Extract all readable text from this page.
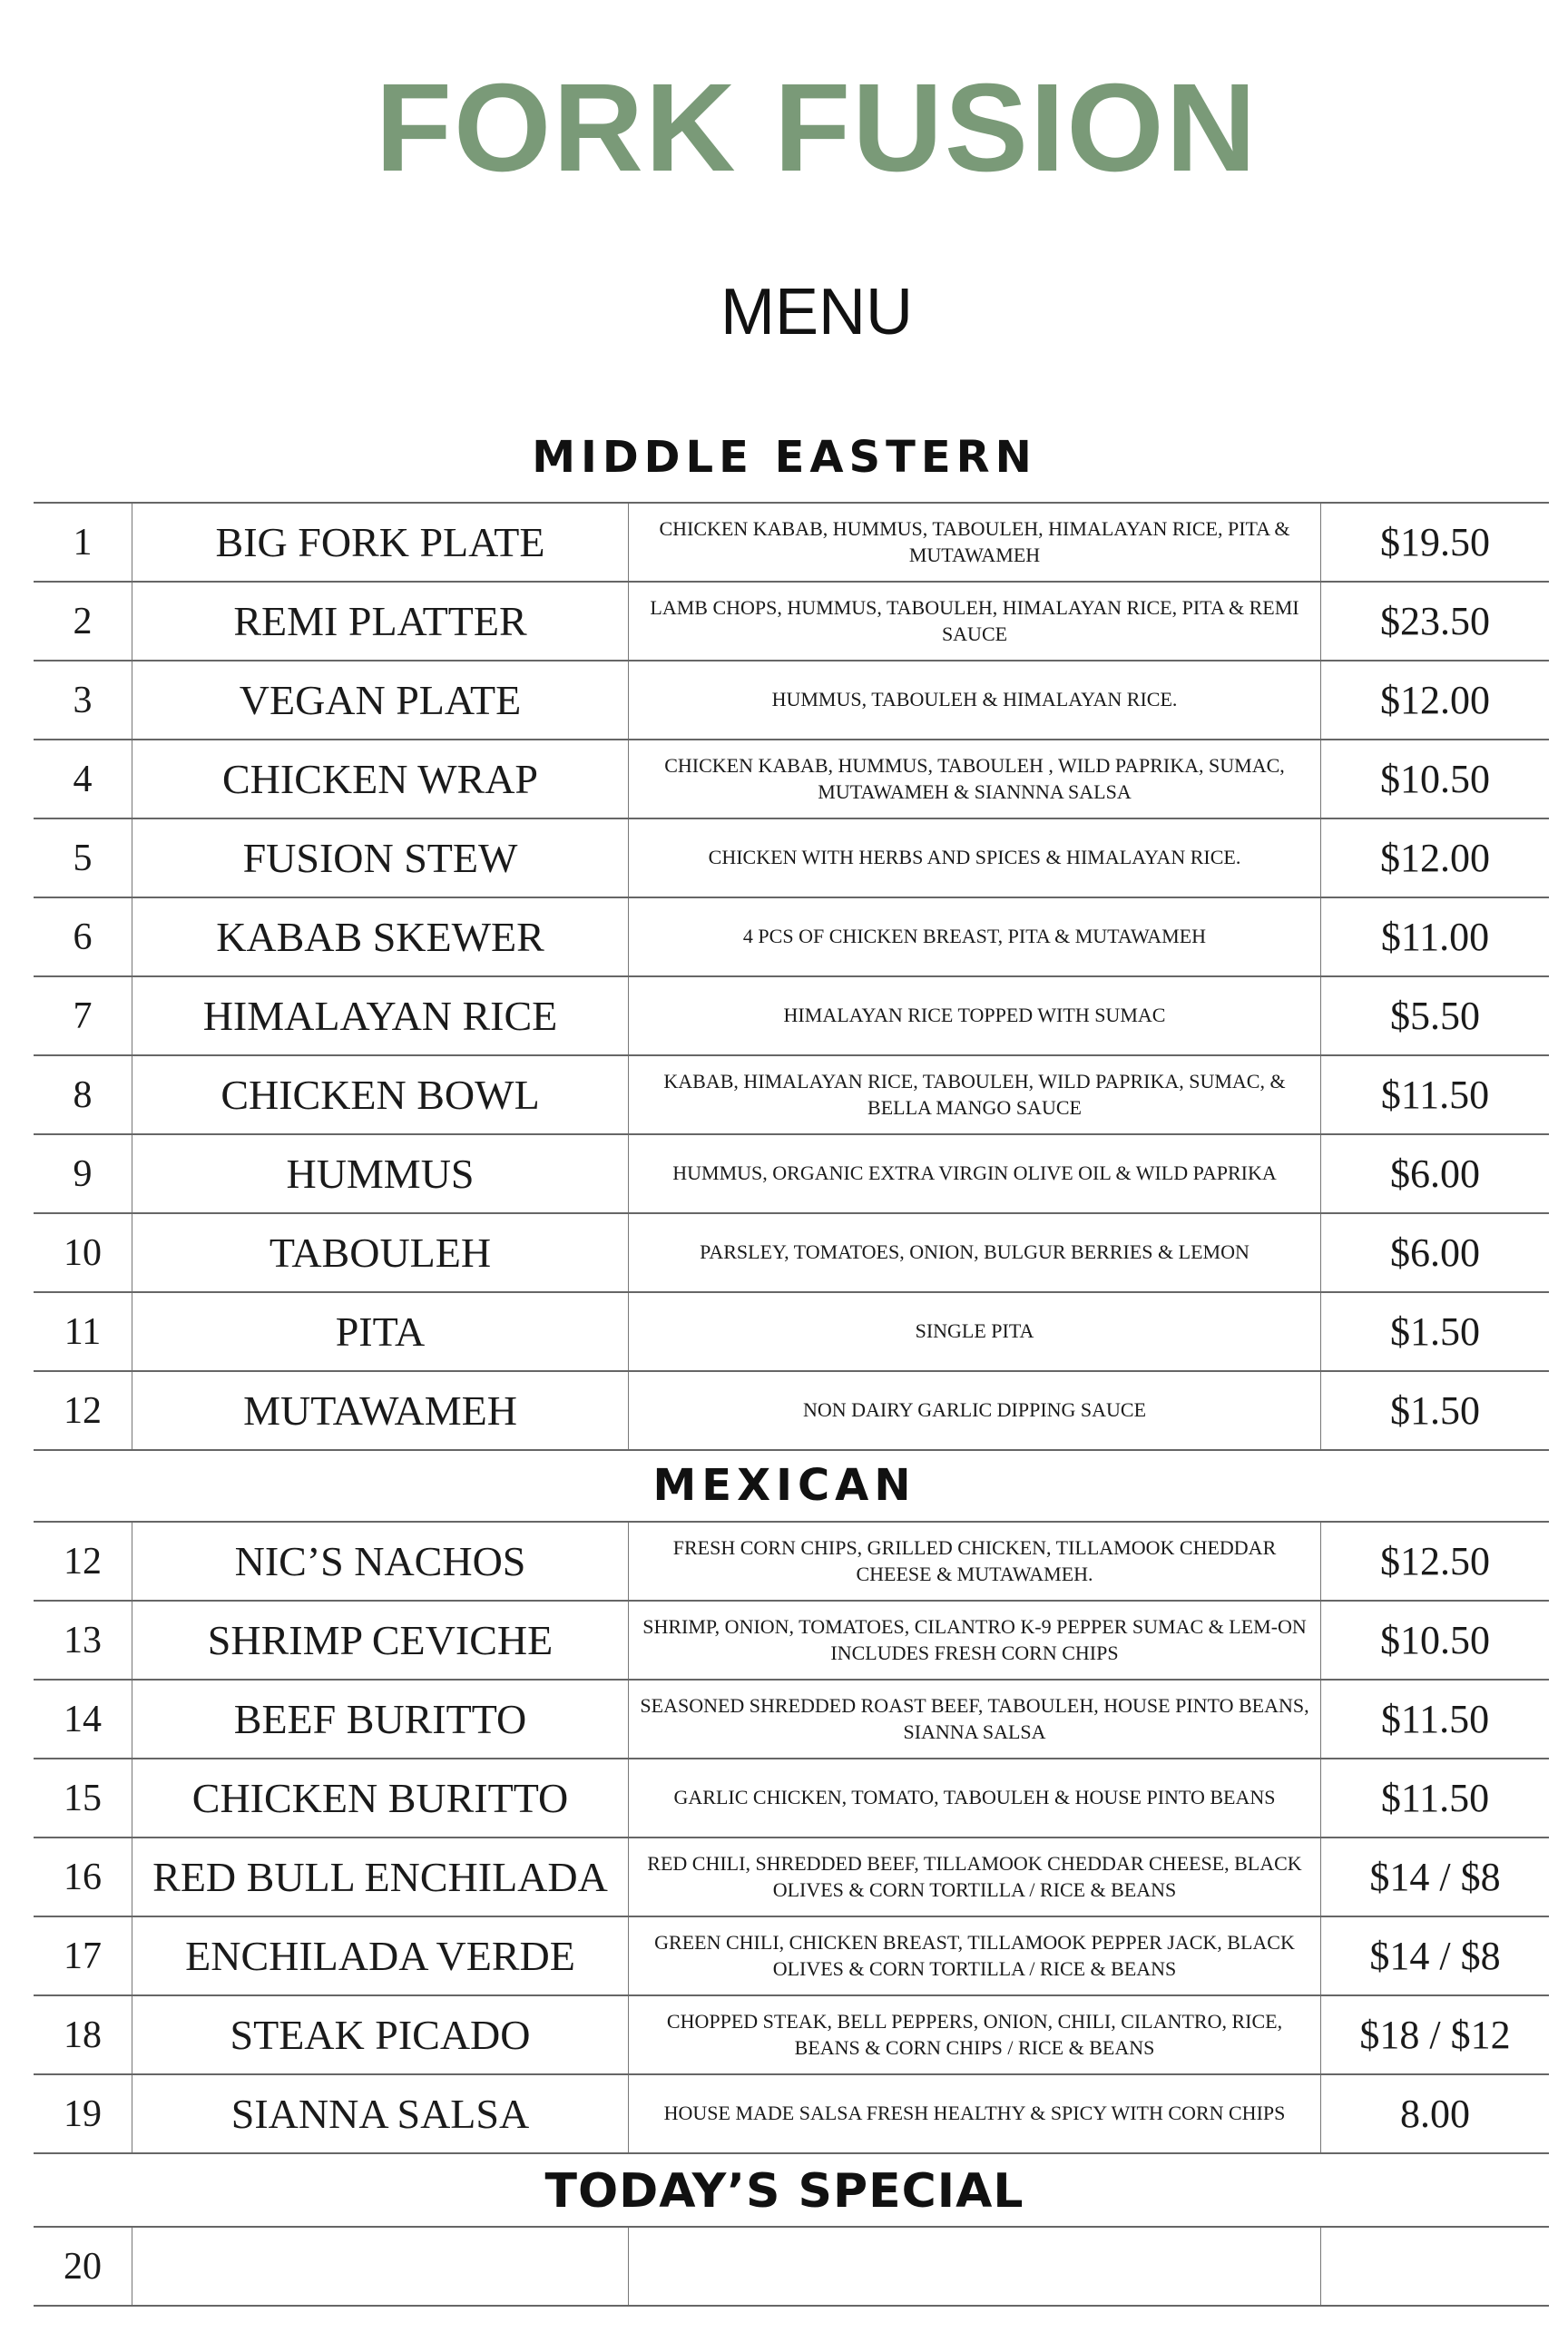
FORK FUSION
MENU
MIDDLE EASTERN
1	BIG FORK PLATE	CHICKEN KABAB, HUMMUS, TABOULEH, HIMALAYAN RICE, PITA & MUTAWAMEH	$19.50
2	REMI PLATTER	LAMB CHOPS, HUMMUS, TABOULEH, HIMALAYAN RICE, PITA & REMI SAUCE	$23.50
3	VEGAN PLATE	HUMMUS, TABOULEH & HIMALAYAN RICE.	$12.00
4	CHICKEN WRAP	CHICKEN KABAB, HUMMUS, TABOULEH , WILD PAPRIKA, SUMAC, MUTAWAMEH & SIANNNA SALSA	$10.50
5	FUSION STEW	CHICKEN WITH HERBS AND SPICES & HIMALAYAN RICE.	$12.00
6	KABAB SKEWER	4 PCS OF CHICKEN BREAST, PITA & MUTAWAMEH	$11.00
7	HIMALAYAN RICE	HIMALAYAN RICE TOPPED WITH SUMAC	$5.50
8	CHICKEN BOWL	KABAB, HIMALAYAN RICE, TABOULEH, WILD PAPRIKA, SUMAC, & BELLA MANGO SAUCE	$11.50
9	HUMMUS	HUMMUS, ORGANIC EXTRA VIRGIN OLIVE OIL & WILD PAPRIKA	$6.00
10	TABOULEH	PARSLEY, TOMATOES, ONION, BULGUR BERRIES & LEMON	$6.00
11	PITA	SINGLE PITA	$1.50
12	MUTAWAMEH	NON DAIRY GARLIC DIPPING SAUCE	$1.50
MEXICAN
12	NIC’S NACHOS	FRESH CORN CHIPS, GRILLED CHICKEN, TILLAMOOK CHEDDAR CHEESE & MUTAWAMEH.	$12.50
13	SHRIMP CEVICHE	SHRIMP, ONION, TOMATOES, CILANTRO K-9 PEPPER SUMAC & LEM-ON INCLUDES FRESH CORN CHIPS	$10.50
14	BEEF BURITTO	SEASONED SHREDDED ROAST BEEF, TABOULEH, HOUSE PINTO BEANS, SIANNA SALSA	$11.50
15	CHICKEN BURITTO	GARLIC CHICKEN, TOMATO, TABOULEH & HOUSE PINTO BEANS	$11.50
16	RED BULL ENCHILADA	RED CHILI, SHREDDED BEEF, TILLAMOOK CHEDDAR CHEESE, BLACK OLIVES & CORN TORTILLA / RICE & BEANS	$14 / $8
17	ENCHILADA VERDE	GREEN CHILI, CHICKEN BREAST, TILLAMOOK PEPPER JACK, BLACK OLIVES & CORN TORTILLA / RICE & BEANS	$14 / $8
18	STEAK PICADO	CHOPPED STEAK, BELL PEPPERS, ONION, CHILI, CILANTRO, RICE, BEANS & CORN CHIPS / RICE & BEANS	$18 / $12
19	SIANNA SALSA	HOUSE MADE SALSA FRESH HEALTHY & SPICY WITH CORN CHIPS	8.00
TODAY’S SPECIAL
20			
